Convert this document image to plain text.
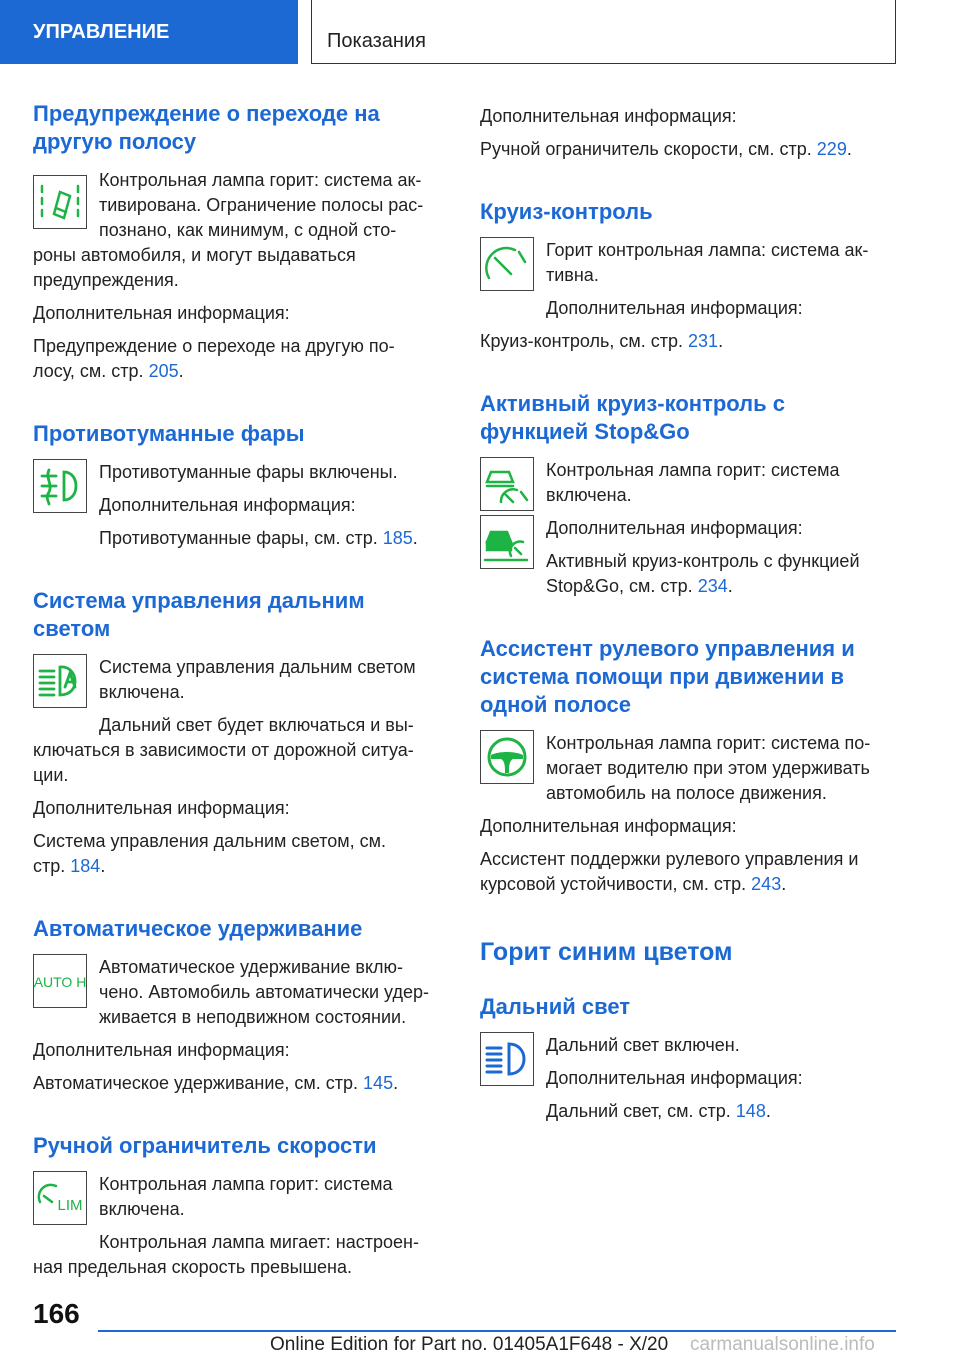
УПРАВЛЕНИЕ	Показания
Предупреждение о переходе на другую полосу

Контрольная лампа горит: система ак-

тивирована. Ограничение полосы рас-

познано, как минимум, с одной сто-

роны автомобиля, и могут выдаваться

предупреждения.

Дополнительная информация:

Предупреждение о переходе на другую по-

лосу, см. стр. 205.

Противотуманные фары

Противотуманные фары включены.

Дополнительная информация:

Противотуманные фары, см. стр. 185.

Система управления дальним
светом

Система управления дальним светом

включена.

Дальний свет будет включаться и вы-

ключаться в зависимости от дорожной ситуа-

ции.

Дополнительная информация:

Система управления дальним светом, см.

стр. 184.

Автоматическое удерживание
AUTO H

Автоматическое удерживание вклю-

чено. Автомобиль автоматически удер-

живается в неподвижном состоянии.

Дополнительная информация:

Автоматическое удерживание, см. стр. 145.

Ручной ограничитель скорости
LIM

Контрольная лампа горит: система

включена.

Контрольная лампа мигает: настроен-

ная предельная скорость превышена.

Дополнительная информация:

Ручной ограничитель скорости, см. стр. 229.

Круиз-контроль

Горит контрольная лампа: система ак-

тивна.

Дополнительная информация:

Круиз-контроль, см. стр. 231.

Активный круиз-контроль с
функцией Stop&Go

Контрольная лампа горит: система

включена.

Дополнительная информация:

Активный круиз-контроль с функцией

Stop&Go, см. стр. 234.

Ассистент рулевого управления и
система помощи при движении в
одной полосе

Контрольная лампа горит: система по-

могает водителю при этом удерживать

автомобиль на полосе движения.

Дополнительная информация:

Ассистент поддержки рулевого управления и

курсовой устойчивости, см. стр. 243.

Горит синим цветом
Дальний свет

Дальний свет включен.

Дополнительная информация:

Дальний свет, см. стр. 148.

166
Online Edition for Part no. 01405A1F648 - X/20 carmanualsonline.info
